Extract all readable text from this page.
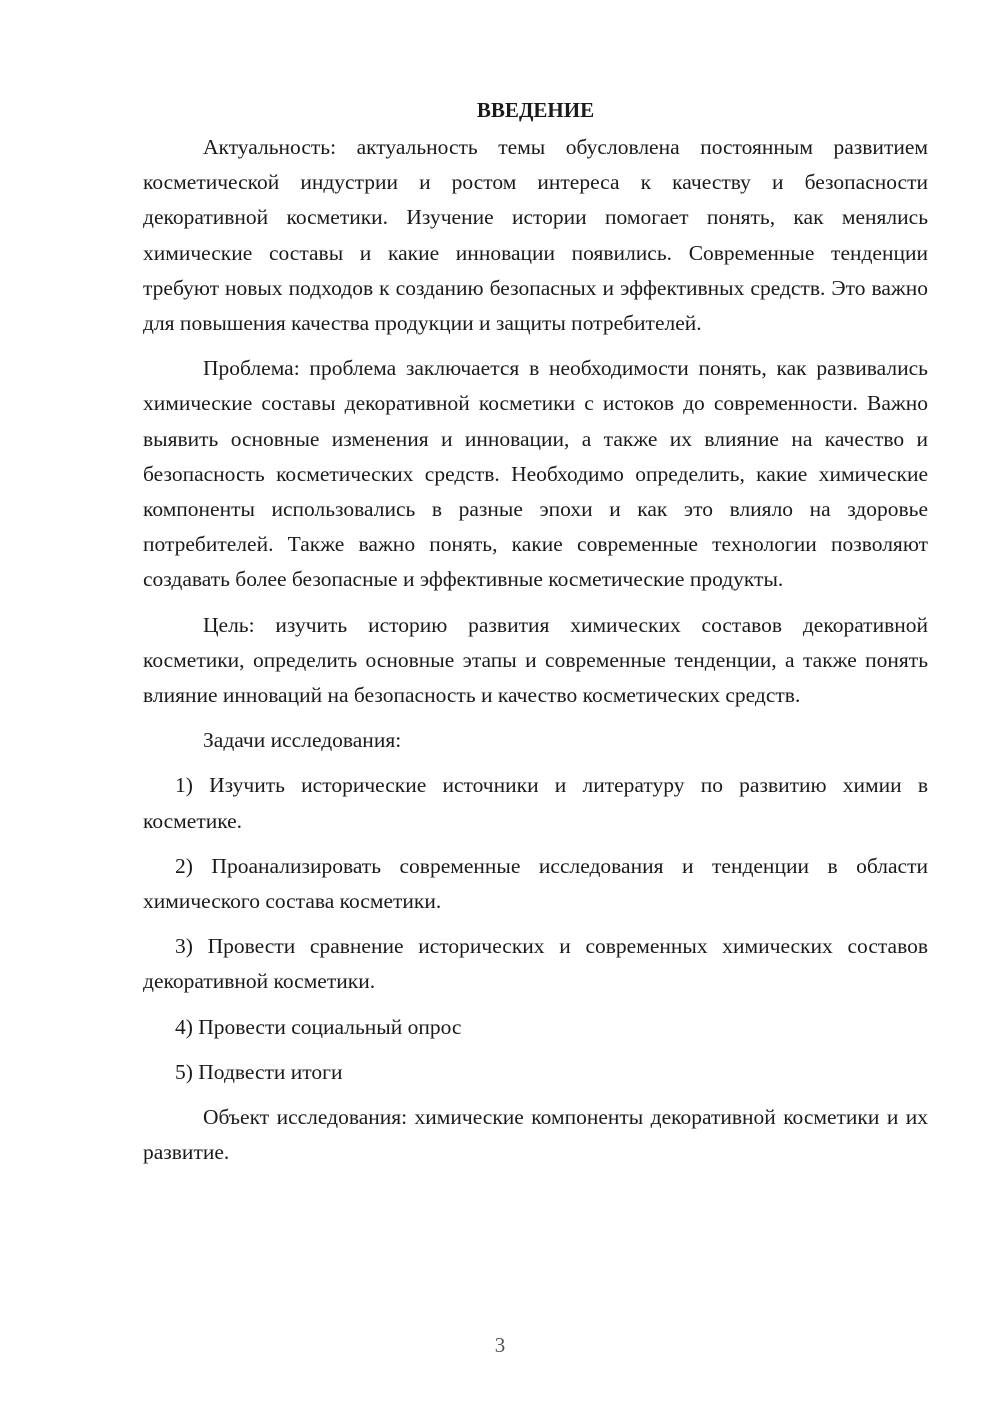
ВВЕДЕНИЕ

Актуальность: актуальность темы обусловлена постоянным развитием косметической индустрии и ростом интереса к качеству и безопасности декоративной косметики. Изучение истории помогает понять, как менялись химические составы и какие инновации появились. Современные тенденции требуют новых подходов к созданию безопасных и эффективных средств. Это важно для повышения качества продукции и защиты потребителей.

Проблема: проблема заключается в необходимости понять, как развивались химические составы декоративной косметики с истоков до современности. Важно выявить основные изменения и инновации, а также их влияние на качество и безопасность косметических средств. Необходимо определить, какие химические компоненты использовались в разные эпохи и как это влияло на здоровье потребителей. Также важно понять, какие современные технологии позволяют создавать более безопасные и эффективные косметические продукты.

Цель: изучить историю развития химических составов декоративной косметики, определить основные этапы и современные тенденции, а также понять влияние инноваций на безопасность и качество косметических средств.

Задачи исследования:

1) Изучить исторические источники и литературу по развитию химии в косметике.

2) Проанализировать современные исследования и тенденции в области химического состава косметики.

3) Провести сравнение исторических и современных химических составов декоративной косметики.

4) Провести социальный опрос

5) Подвести итоги

Объект исследования: химические компоненты декоративной косметики и их развитие.

3
